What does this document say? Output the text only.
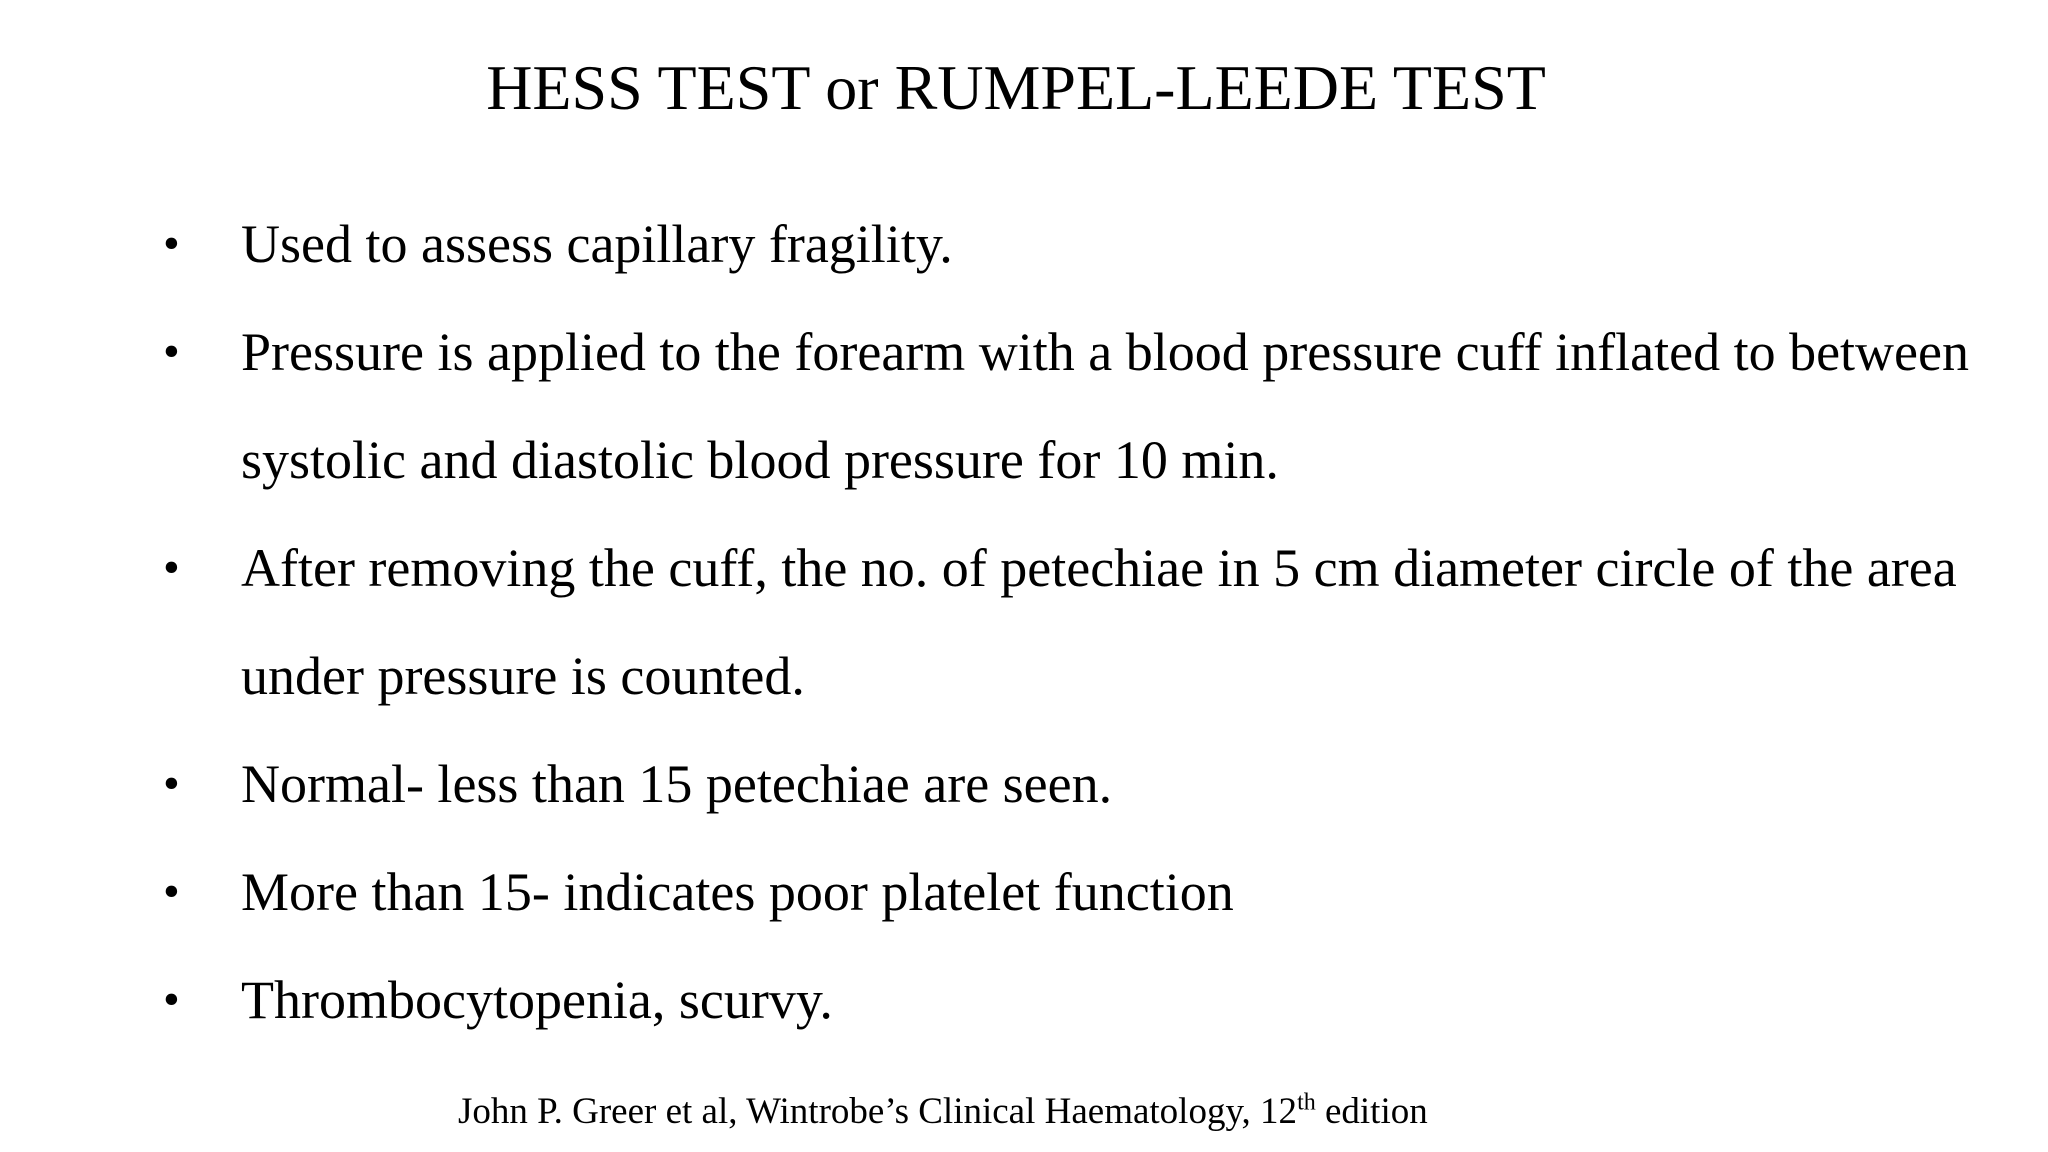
HESS TEST or RUMPEL-LEEDE TEST
• Used to assess capillary fragility.
• Pressure is applied to the forearm with a blood pressure cuff inflated to between systolic and diastolic blood pressure for 10 min.
• After removing the cuff, the no. of petechiae in 5 cm diameter circle of the area under pressure is counted.
• Normal- less than 15 petechiae are seen.
• More than 15- indicates poor platelet function
• Thrombocytopenia, scurvy.
John P. Greer et al, Wintrobe’s Clinical Haematology, 12th edition
